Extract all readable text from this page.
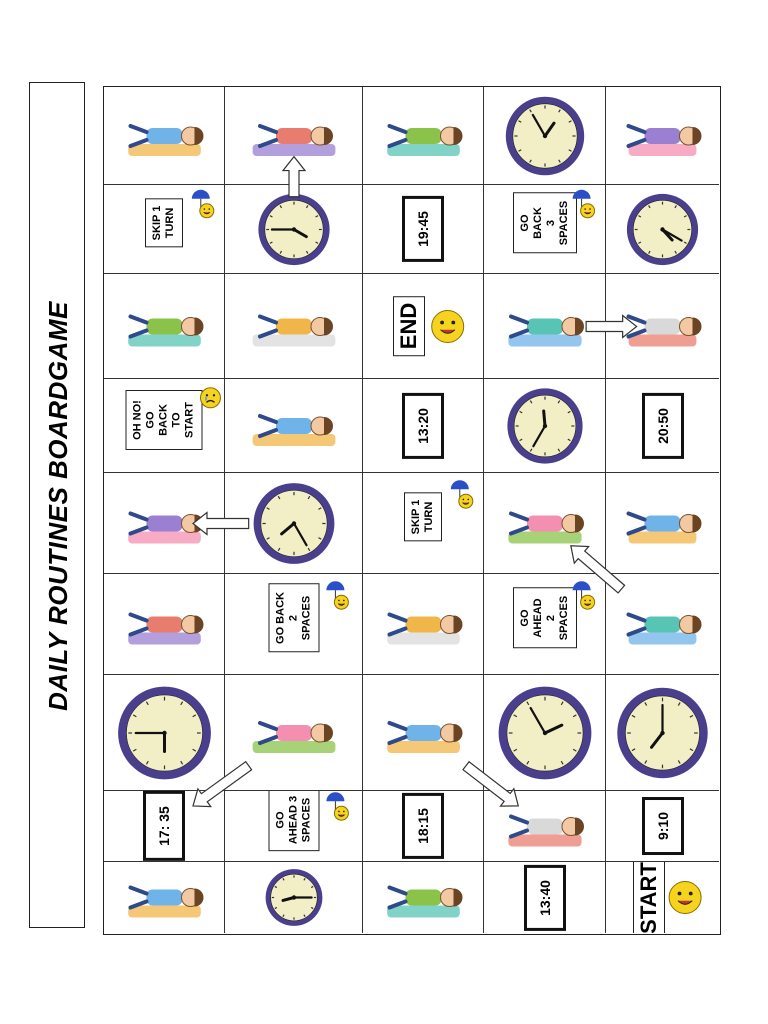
DAILY ROUTINES BOARDGAME
SKIP 1
TURN	19:45	GO BACK
3 SPACES
END
OH NO!
GO BACK
TO START	13:20	20:50
SKIP 1
TURN
GO BACK 2
SPACES	GO AHEAD
2 SPACES
17: 35	GO
AHEAD 3
SPACES	18:15	9:10
13:40	START
